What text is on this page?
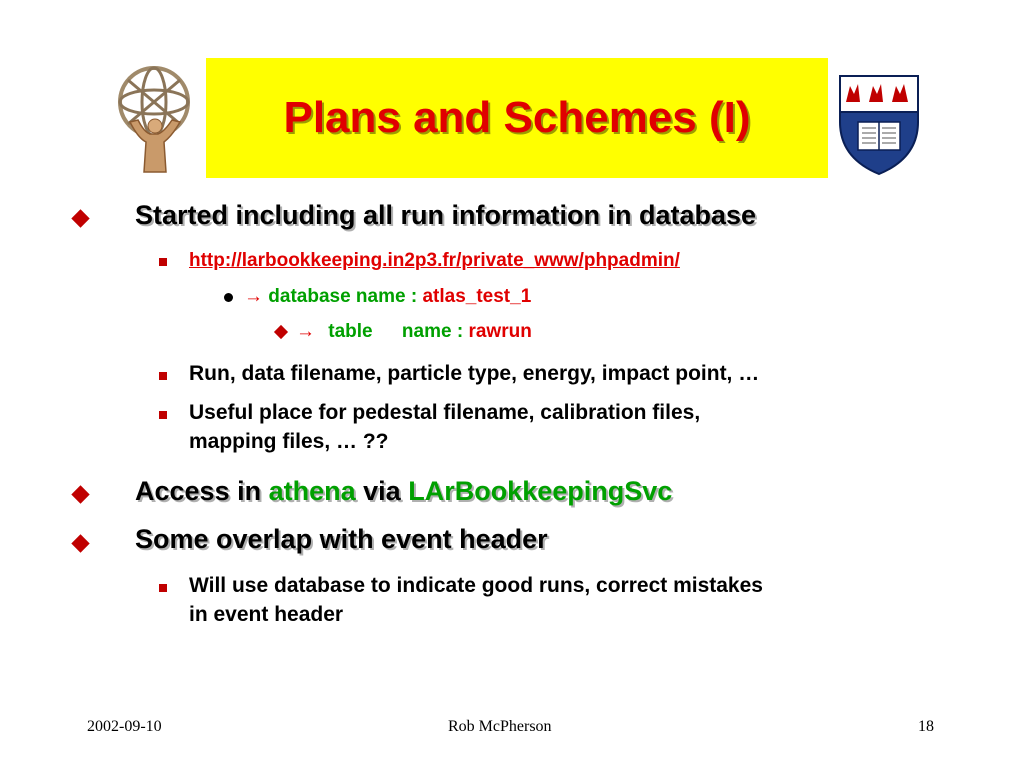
Plans and Schemes (I)
Started including all run information in database
http://larbookkeeping.in2p3.fr/private_www/phpadmin/
→ database name : atlas_test_1
→ table name : rawrun
Run, data filename, particle type, energy, impact point, …
Useful place for pedestal filename, calibration files,
mapping files, … ??
Access in athena via LArBookkeepingSvc
Some overlap with event header
Will use database to indicate good runs, correct mistakes
in event header
2002-09-10	Rob McPherson	18
